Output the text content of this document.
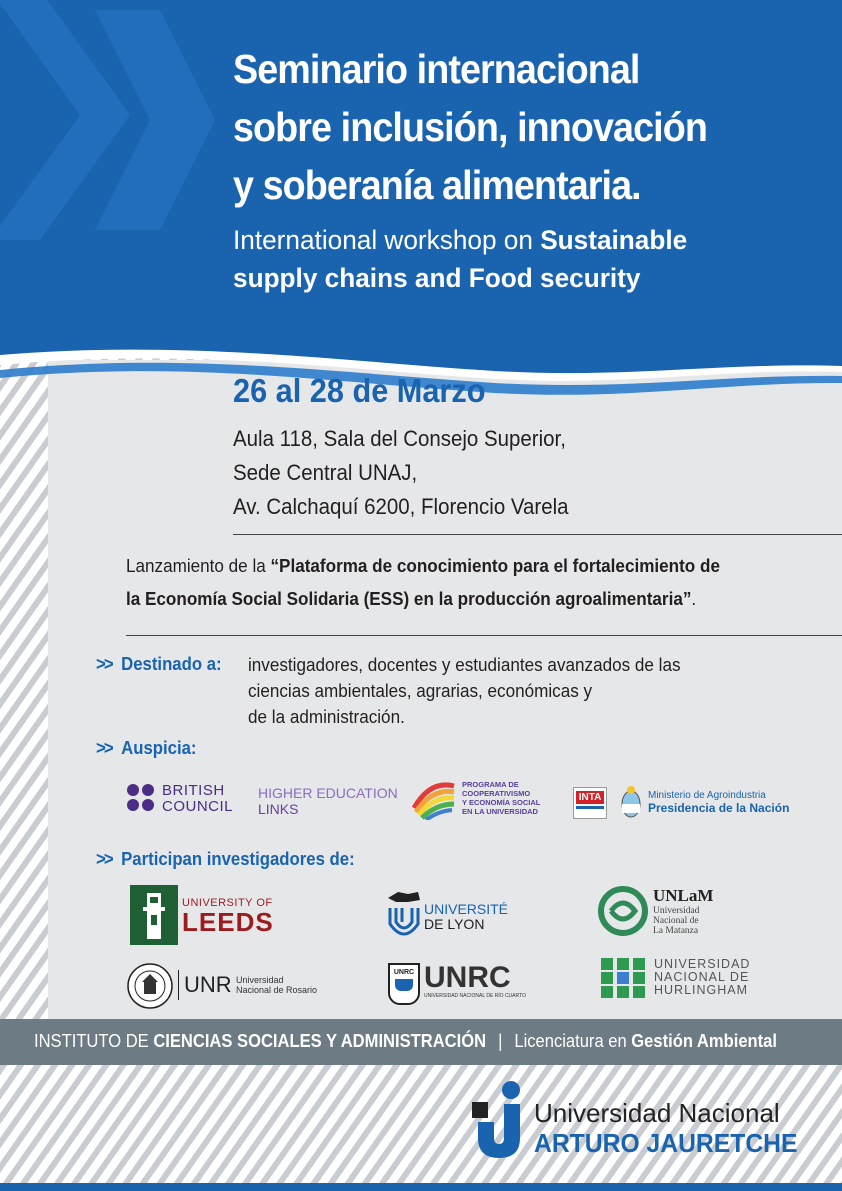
Seminario internacional
sobre inclusión, innovación
y soberanía alimentaria.
International workshop on Sustainable
supply chains and Food security
26 al 28 de Marzo
Aula 118, Sala del Consejo Superior,
Sede Central UNAJ,
Av. Calchaquí 6200, Florencio Varela
Lanzamiento de la “Plataforma de conocimiento para el fortalecimiento de
la Economía Social Solidaria (ESS) en la producción agroalimentaria”.
>> Destinado a: investigadores, docentes y estudiantes avanzados de las
ciencias ambientales, agrarias, económicas y
de la administración.
>> Auspicia:
BRITISH
COUNCIL
HIGHER EDUCATION
LINKS
PROGRAMA DE
COOPERATIVISMO
Y ECONOMÍA SOCIAL
EN LA UNIVERSIDAD
INTA	Ministerio de Agroindustria
Presidencia de la Nación
>> Participan investigadores de:
UNIVERSITY OF
LEEDS	UNIVERSITÉ
DE LYON
UNLaM
Universidad
Nacional de
La Matanza
UNR Universidad
Nacional de Rosario
UNRC UNRC
UNIVERSIDAD NACIONAL DE RÍO CUARTO
UNIVERSIDAD
NACIONAL DE
HURLINGHAM
INSTITUTO DE CIENCIAS SOCIALES Y ADMINISTRACIÓN | Licenciatura en Gestión Ambiental
Universidad Nacional
ARTURO JAURETCHE
